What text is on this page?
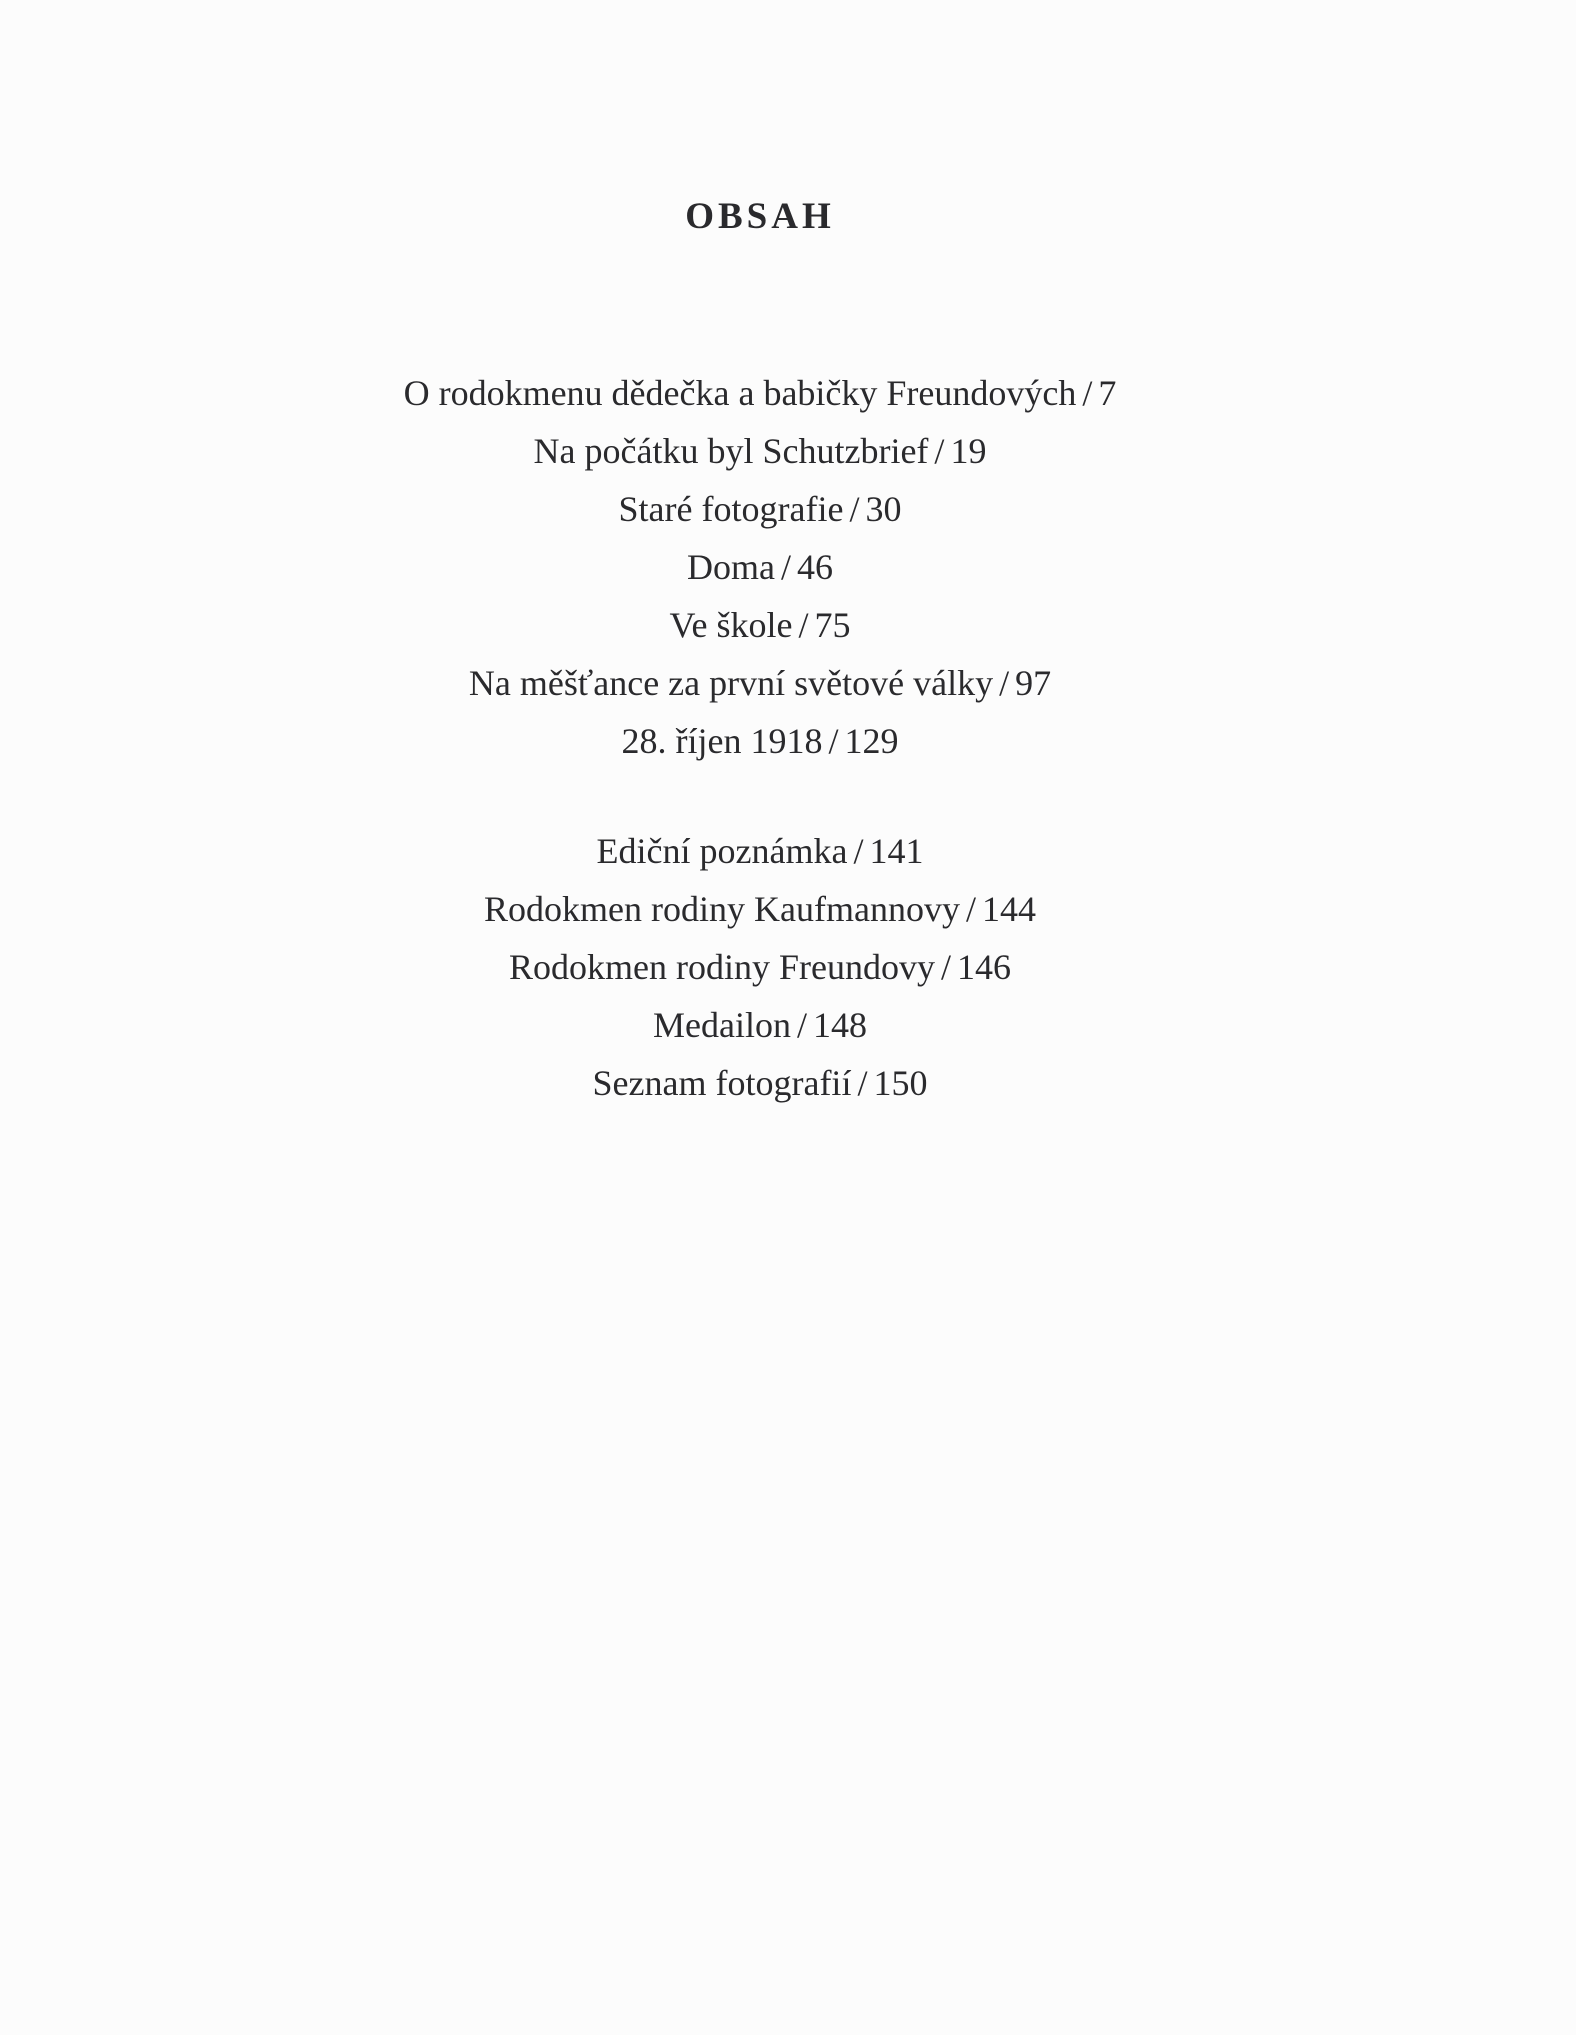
OBSAH
O rodokmenu dědečka a babičky Freundových / 7
Na počátku byl Schutzbrief / 19
Staré fotografie / 30
Doma / 46
Ve škole / 75
Na měšťance za první světové války / 97
28. říjen 1918 / 129
Ediční poznámka / 141
Rodokmen rodiny Kaufmannovy / 144
Rodokmen rodiny Freundovy / 146
Medailon / 148
Seznam fotografií / 150
